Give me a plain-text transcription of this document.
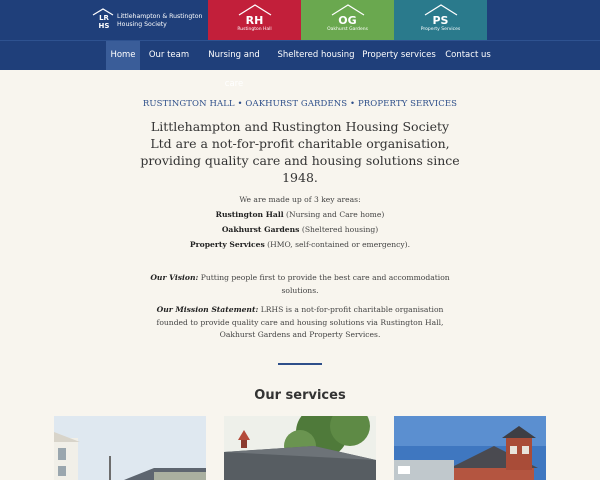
LR HS
Littlehampton & Rustington Housing Society	RH
Rustington Hall
OG
Oakhurst Gardens
PS
Property Services
Home	Our team	Nursing and care
Sheltered housing Property services	Contact us
RUSTINGTON HALL • OAKHURST GARDENS • PROPERTY SERVICES
Littlehampton and Rustington Housing Society Ltd are a not-for-profit charitable organisation, providing quality care and housing solutions since 1948.
We are made up of 3 key areas:
Rustington Hall (Nursing and Care home)
Oakhurst Gardens (Sheltered housing)
Property Services (HMO, self-contained or emergency).
Our Vision: Putting people first to provide the best care and accommodation solutions.
Our Mission Statement: LRHS is a not-for-profit charitable organisation founded to provide quality care and housing solutions via Rustington Hall, Oakhurst Gardens and Property Services.
Our services
